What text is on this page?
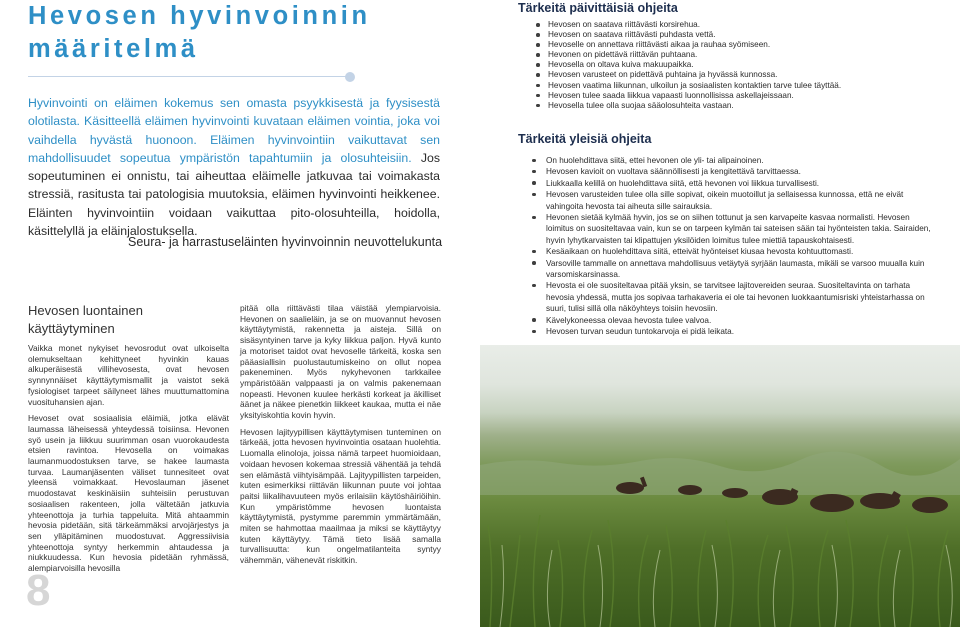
Hevosen hyvinvoinnin
määritelmä

Hyvinvointi on eläimen kokemus sen omasta psyykkisestä ja fyysisestä olotilasta. Käsitteellä eläimen hyvinvointi kuvataan eläimen vointia, joka voi vaihdella hyvästä huonoon. Eläimen hyvinvointiin vaikuttavat sen mahdollisuudet sopeutua ympäristön tapahtumiin ja olosuhteisiin. Jos sopeutuminen ei onnistu, tai aiheuttaa eläimelle jatkuvaa tai voimakasta stressiä, rasitusta tai patologisia muutoksia, eläimen hyvinvointi heikkenee. Eläinten hyvinvointiin voidaan vaikuttaa pito-olosuhteilla, hoidolla, käsittelyllä ja eläinjalostuksella.

Seura- ja harrastuseläinten hyvinvoinnin neuvottelukunta

Hevosen luontainen käyttäytyminen

Vaikka monet nykyiset hevosrodut ovat ulkoiselta olemukseltaan kehittyneet hyvinkin kauas alkuperäisestä villihevosesta, ovat hevosen synnynnäiset käyttäytymismallit ja vaistot sekä fysiologiset tarpeet säilyneet lähes muuttumattomina vuosituhansien ajan.

Hevoset ovat sosiaalisia eläimiä, jotka elävät laumassa läheisessä yhteydessä toisiinsa. Hevonen syö usein ja liikkuu suurimman osan vuorokaudesta etsien ravintoa. Hevosella on voimakas laumanmuodostuksen tarve, se hakee laumasta turvaa. Laumanjäsenten väliset tunnesiteet ovat yleensä voimakkaat. Hevoslauman jäsenet muodostavat keskinäisiin suhteisiin perustuvan sosiaalisen rakenteen, jolla vältetään jatkuvia yhteenottoja ja turhia tappeluita. Mitä ahtaammin hevosia pidetään, sitä tärkeämmäksi arvojärjestys ja sen ylläpitäminen muodostuvat. Aggressiivisia yhteenottoja syntyy herkemmin ahtaudessa ja niukkuudessa. Kun hevosia pidetään ryhmässä, alempiarvoisilla hevosilla

pitää olla riittävästi tilaa väistää ylempiarvoisia. Hevonen on saalieläin, ja se on muovannut hevosen käyttäytymistä, rakennetta ja aisteja. Sillä on sisäsyntyinen tarve ja kyky liikkua paljon. Hyvä kunto ja motoriset taidot ovat hevoselle tärkeitä, koska sen pääasiallisin puolustautumiskeino on ollut nopea pakeneminen. Myös nykyhevonen tarkkailee ympäristöään valppaasti ja on valmis pakenemaan nopeasti. Hevonen kuulee herkästi korkeat ja äkilliset äänet ja näkee pienetkin liikkeet kaukaa, mutta ei näe yksityiskohtia kovin hyvin.

Hevosen lajityypillisen käyttäytymisen tunteminen on tärkeää, jotta hevosen hyvinvointia osataan huolehtia. Luomalla elinoloja, joissa nämä tarpeet huomioidaan, voidaan hevosen kokemaa stressiä vähentää ja tehdä sen elämästä viihtyisämpää. Lajityypillisten tarpeiden, kuten esimerkiksi riittävän liikunnan puute voi johtaa paitsi liikalihavuuteen myös erilaisiin käytöshäiriöihin. Kun ympäristömme hevosen luontaista käyttäytymistä, pystymme paremmin ymmärtämään, miten se hahmottaa maailmaa ja miksi se käyttäytyy kuten käyttäytyy. Tämä tieto lisää samalla turvallisuutta: kun ongelmatilanteita syntyy vähemmän, vähenevät riskitkin.

8
Tärkeitä päivittäisiä ohjeita
Hevosen on saatava riittävästi korsirehua.
Hevosen on saatava riittävästi puhdasta vettä.
Hevoselle on annettava riittävästi aikaa ja rauhaa syömiseen.
Hevonen on pidettävä riittävän puhtaana.
Hevosella on oltava kuiva makuupaikka.
Hevosen varusteet on pidettävä puhtaina ja hyvässä kunnossa.
Hevosen vaatima liikunnan, ulkoilun ja sosiaalisten kontaktien tarve tulee täyttää.
Hevosen tulee saada liikkua vapaasti luonnollisissa askellajeissaan.
Hevosella tulee olla suojaa sääolosuhteita vastaan.
Tärkeitä yleisiä ohjeita
On huolehdittava siitä, ettei hevonen ole yli- tai alipainoinen.
Hevosen kavioit on vuoltava säännöllisesti ja kengitettävä tarvittaessa.
Liukkaalla kelillä on huolehdittava siitä, että hevonen voi liikkua turvallisesti.
Hevosen varusteiden tulee olla sille sopivat, oikein muotoillut ja sellaisessa kunnossa, että ne eivät vahingoita hevosta tai aiheuta sille sairauksia.
Hevonen sietää kylmää hyvin, jos se on siihen tottunut ja sen karvapeite kasvaa normalisti. Hevosen loimitus on suositeltavaa vain, kun se on tarpeen kylmän tai sateisen sään tai hyönteisten takia. Sairaiden, hyvin lyhytkarvaisten tai klipattujen yksilöiden loimitus tulee miettiä tapauskohtaisesti.
Kesäaikaan on huolehdittava siitä, etteivät hyönteiset kiusaa hevosta kohtuuttomasti.
Varsoville tammalle on annettava mahdollisuus vetäytyä syrjään laumasta, mikäli se varsoo muualla kuin varsomiskarsinassa.
Hevosta ei ole suositeltavaa pitää yksin, se tarvitsee lajitovereiden seuraa. Suositeltavinta on tarhata hevosia yhdessä, mutta jos sopivaa tarhakaveria ei ole tai hevonen luokkaantumisriski yhteistarhassa on suuri, tulisi sillä olla näköyhteys toisiin hevosiin.
Kävelykoneessa olevaa hevosta tulee valvoa.
Hevosen turvan seudun tuntokarvoja ei pidä leikata.
